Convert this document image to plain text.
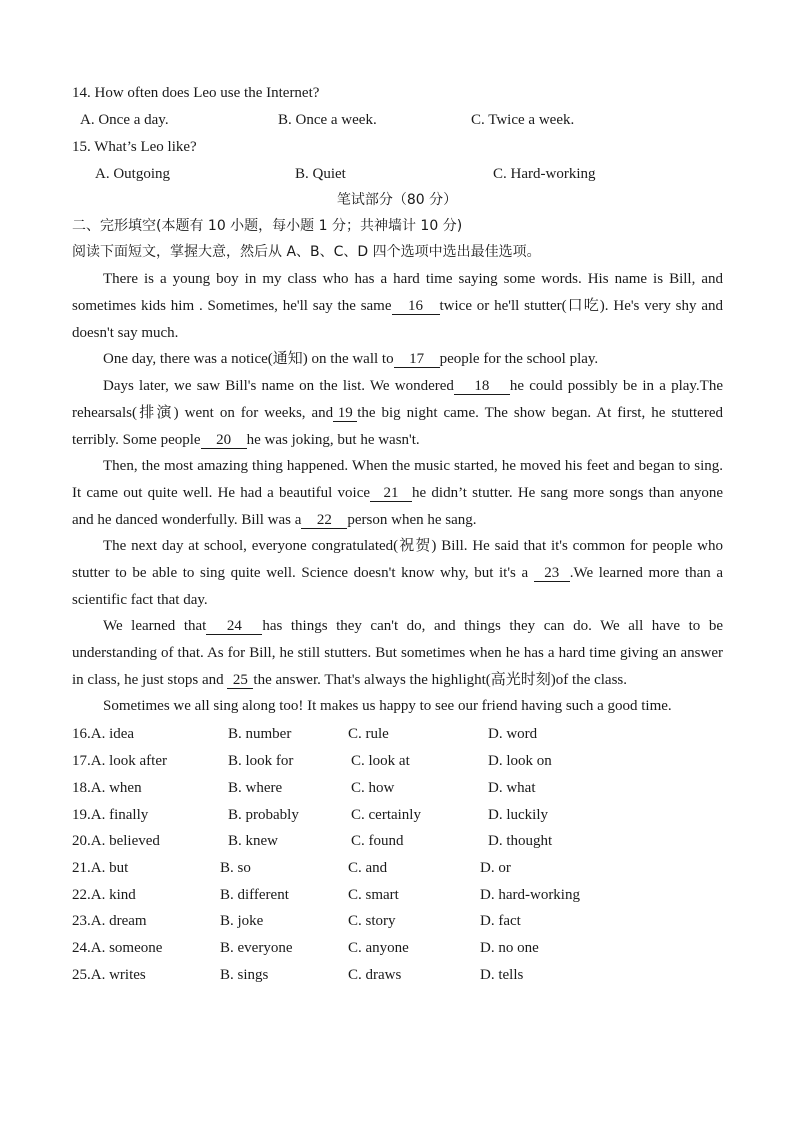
14. How often does Leo use the Internet?
A. Once a day.	B. Once a week.	C. Twice a week.
15. What’s Leo like?
A. Outgoing	B. Quiet	C. Hard-working
笔试部分（80 分）
二、完形填空(本题有 10 小题，每小题 1 分；共神墙计 10 分)
阅读下面短文，掌握大意，然后从 A、B、C、D 四个选项中选出最佳选项。
There is a young boy in my class who has a hard time saying some words. His name is Bill, and sometimes kids him . Sometimes, he'll say the same 16 twice or he'll stutter(口吃). He's very shy and doesn't say much.
One day, there was a notice(通知) on the wall to 17 people for the school play.
Days later, we saw Bill's name on the list. We wondered 18 he could possibly be in a play.The rehearsals(排演) went on for weeks, and 19 the big night came. The show began. At first, he stuttered terribly. Some people 20 he was joking, but he wasn't.
Then, the most amazing thing happened. When the music started, he moved his feet and began to sing. It came out quite well. He had a beautiful voice 21 he didn’t stutter. He sang more songs than anyone and he danced wonderfully. Bill was a 22 person when he sang.
The next day at school, everyone congratulated(祝贺) Bill. He said that it's common for people who stutter to be able to sing quite well. Science doesn't know why, but it's a 23 .We learned more than a scientific fact that day.
We learned that 24 has things they can't do, and things they can do. We all have to be understanding of that. As for Bill, he still stutters. But sometimes when he has a hard time giving an answer in class, he just stops and 25 the answer. That's always the highlight(高光时刻)of the class.
Sometimes we all sing along too! It makes us happy to see our friend having such a good time.
16.A. idea	B. number	C. rule	D. word
17.A. look after	B. look for	C. look at	D. look on
18.A. when	B. where	C. how	D. what
19.A. finally	B. probably	C. certainly	D. luckily
20.A. believed	B. knew	C. found	D. thought
21.A. but	B. so	C. and	D. or
22.A. kind	B. different	C. smart	D. hard-working
23.A. dream	B. joke	C. story	D. fact
24.A. someone	B. everyone	C. anyone	D. no one
25.A. writes	B. sings	C. draws	D. tells
